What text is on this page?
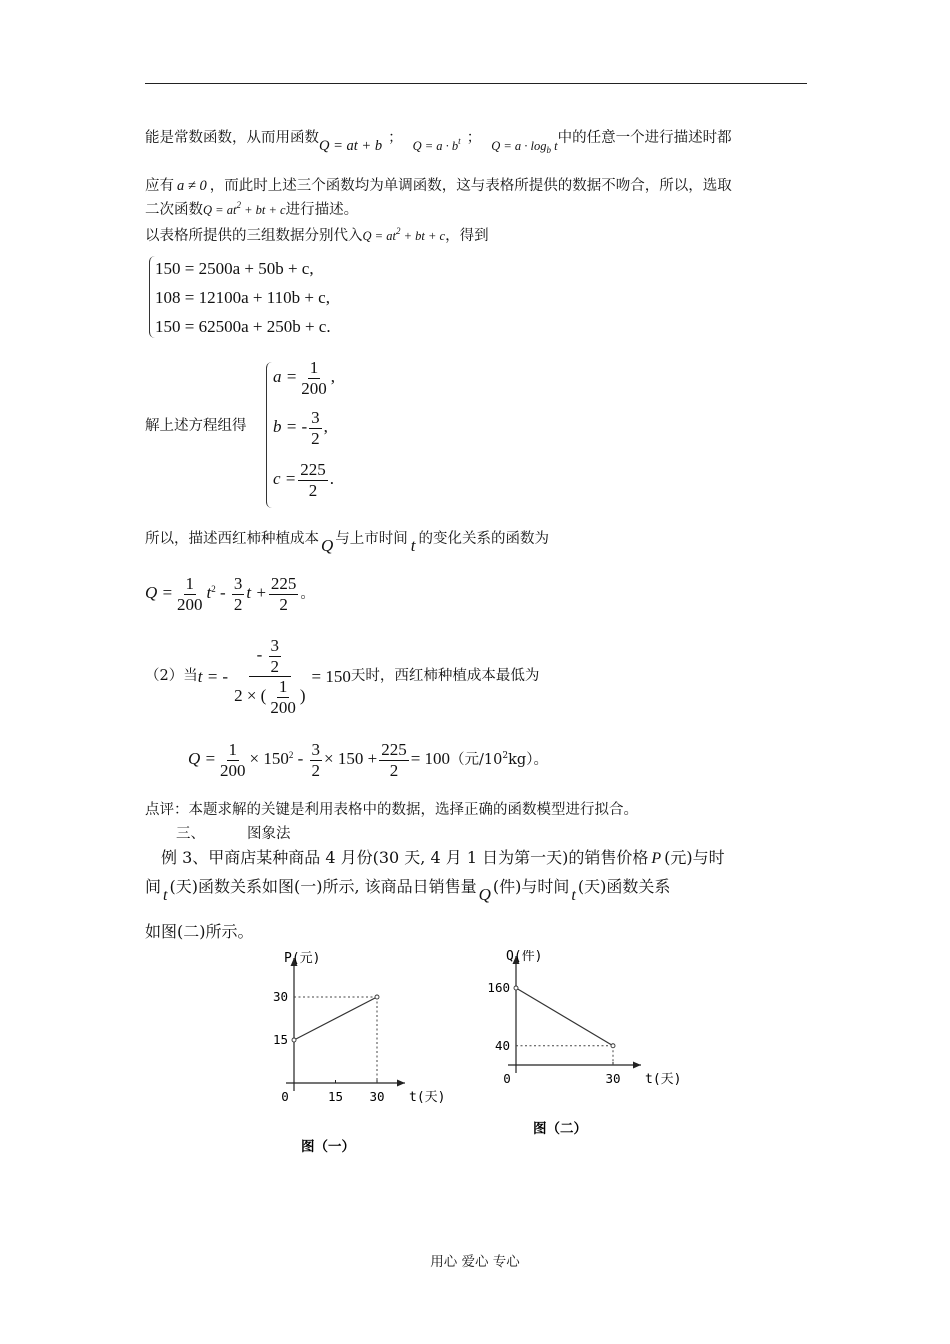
能是常数函数，从而用函数Q = at + b ； $Q = a \cdot b^t$ ； $Q = a \cdot \log_b t$中的任意一个进行描述时都
应有 a ≠ 0 ，而此时上述三个函数均为单调函数，这与表格所提供的数据不吻合，所以，选取
二次函数$Q = at^2$ + bt + c进行描述。
以表格所提供的三组数据分别代入$Q = at^2$ + bt + c，得到
150 = 2500a + 50b + c,
108 = 12100a + 110b + c,
150 = 62500a + 250b + c.
解上述方程组得
$a = \frac{1}{200}$ ,
b = - $\frac{3}{2}$ ,
$c = \frac{225}{2}$ .
所以，描述西红柿种植成本 Q 与上市时间 t 的变化关系的函数为
$Q = \frac{1}{200} t^2 - \frac{3}{2}$ $t + \frac{225}{2}$ 。
（2）当t = - $\frac{- \frac{3}{2}}{2 \times ( \frac{1}{200} )} = 150$天时，西红柿种植成本最低为
$Q = \frac{1}{200} \times 150^2 - \frac{3}{2} \times 150 + \frac{225}{2} = 100$（元$/10^2kg$）。
点评：本题求解的关键是利用表格中的数据，选择正确的函数模型进行拟合。
三、	图象法
例 3、甲商店某种商品 4 月份(30 天, 4 月 1 日为第一天)的销售价格 P (元)与时
间 t (天)函数关系如图(一)所示, 该商品日销售量 Q (件)与时间 t (天)函数关系
如图(二)所示。
P(元)
t(天)
0	15 30
15
30
图（一）
Q(件)
t(天)
0	30
160
40
图（二）
用心 爱心 专心
